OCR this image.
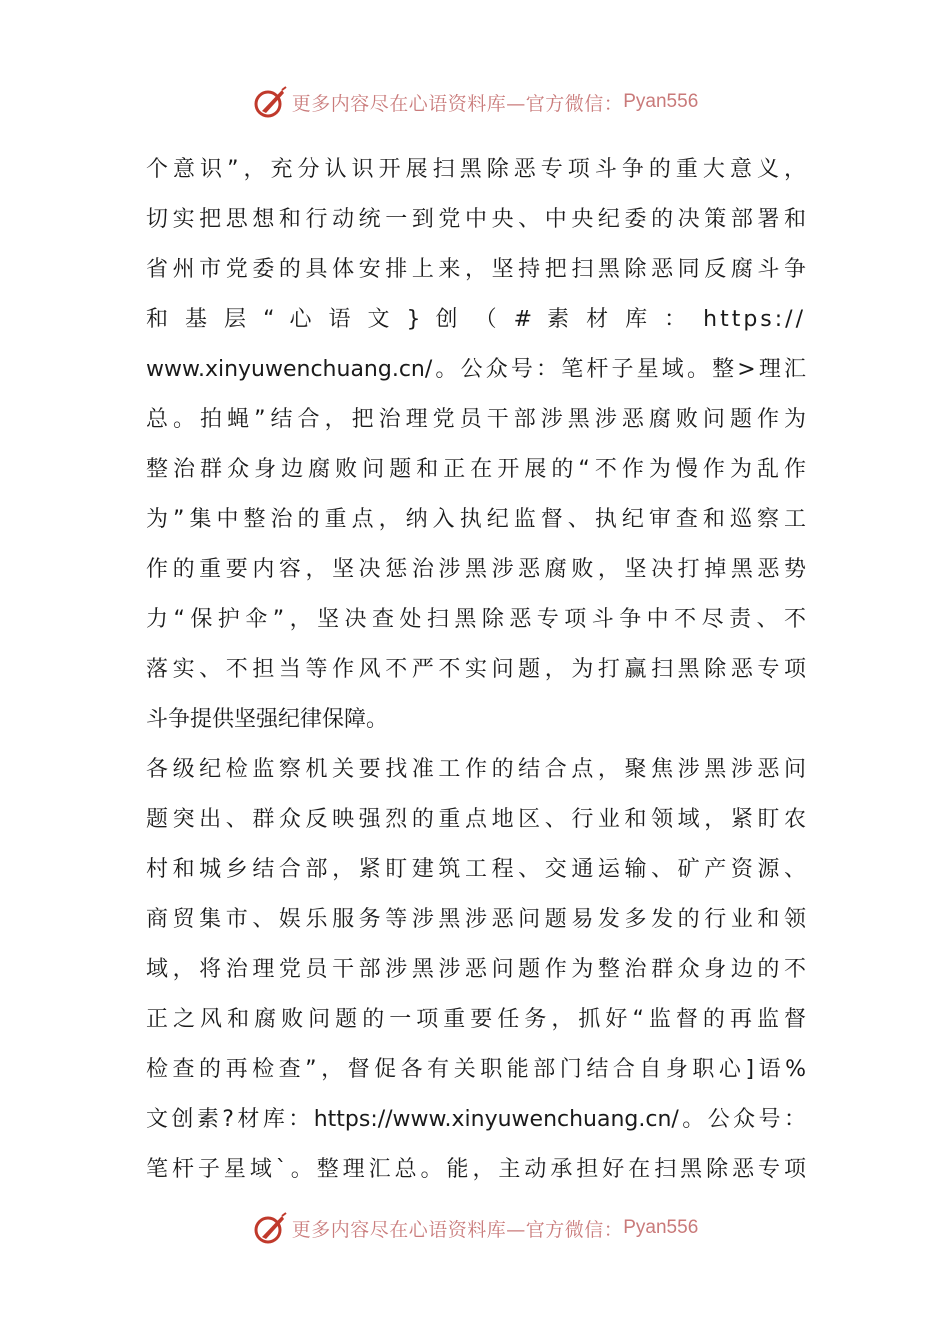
更多内容尽在心语资料库—官方微信： Pyan556
个意识”，充分认识开展扫黑除恶专项斗争的重大意义，
切实把思想和行动统一到党中央、中央纪委的决策部署和
省州市党委的具体安排上来，坚持把扫黑除恶同反腐斗争
和 基 层 “ 心 语 文 } 创 （ # 素 材 库 ： https://
www.xinyuwenchuang.cn/。公众号：笔杆子星域。整>理汇
总。拍蝇”结合，把治理党员干部涉黑涉恶腐败问题作为
整治群众身边腐败问题和正在开展的“不作为慢作为乱作
为”集中整治的重点，纳入执纪监督、执纪审查和巡察工
作的重要内容，坚决惩治涉黑涉恶腐败，坚决打掉黑恶势
力“保护伞”，坚决查处扫黑除恶专项斗争中不尽责、不
落实、不担当等作风不严不实问题，为打赢扫黑除恶专项
斗争提供坚强纪律保障。
各级纪检监察机关要找准工作的结合点，聚焦涉黑涉恶问
题突出、群众反映强烈的重点地区、行业和领域，紧盯农
村和城乡结合部，紧盯建筑工程、交通运输、矿产资源、
商贸集市、娱乐服务等涉黑涉恶问题易发多发的行业和领
域，将治理党员干部涉黑涉恶问题作为整治群众身边的不
正之风和腐败问题的一项重要任务，抓好“监督的再监督
检查的再检查”，督促各有关职能部门结合自身职心]语%
文创素?材库：https://www.xinyuwenchuang.cn/。公众号：
笔杆子星域`。整理汇总。能，主动承担好在扫黑除恶专项
更多内容尽在心语资料库—官方微信： Pyan556
